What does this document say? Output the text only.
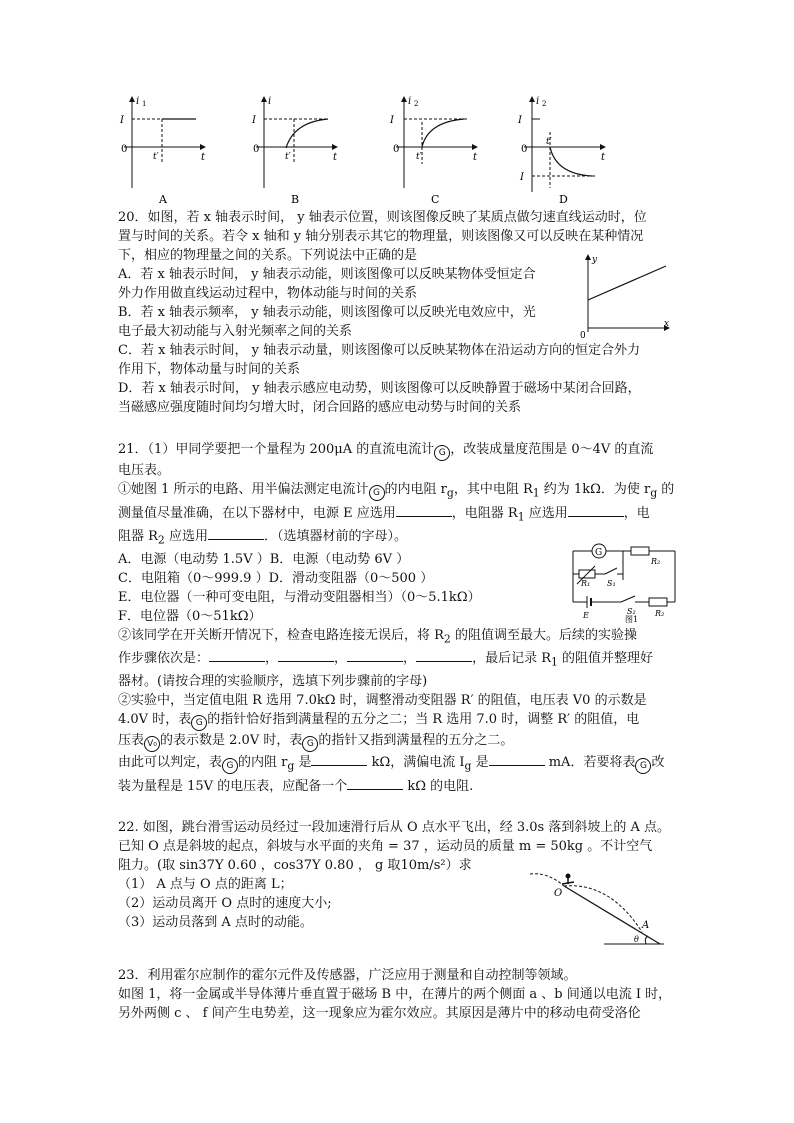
i 1
I
0
t′	t
A
i
I
0
t′	t
B
i 2
I
0
t′	t
C
i 2
I
0
t′
t
I
D
20．如图，若 x 轴表示时间， y 轴表示位置，则该图像反映了某质点做匀速直线运动时，位
置与时间的关系。若令 x 轴和 y 轴分别表示其它的物理量，则该图像又可以反映在某种情况
下，相应的物理量之间的关系。下列说法中正确的是
A．若 x 轴表示时间， y 轴表示动能，则该图像可以反映某物体受恒定合
外力作用做直线运动过程中，物体动能与时间的关系
B．若 x 轴表示频率， y 轴表示动能，则该图像可以反映光电效应中，光
电子最大初动能与入射光频率之间的关系
C．若 x 轴表示时间， y 轴表示动量，则该图像可以反映某物体在沿运动方向的恒定合外力
作用下，物体动量与时间的关系
D．若 x 轴表示时间， y 轴表示感应电动势，则该图像可以反映静置于磁场中某闭合回路，
当磁感应强度随时间均匀增大时，闭合回路的感应电动势与时间的关系
y
x
0
21．（1）甲同学要把一个量程为 200μA 的直流电流计 G ，改装成量度范围是 0～4V 的直流
电压表。
①她图 1 所示的电路、用半偏法测定电流计 G 的内电阻 $r_g$，其中电阻 $R_1$ 约为 1kΩ．为使 $r_g$ 的
测量值尽量准确，在以下器材中，电源 E 应选用	，电阻器 $R_1$ 应选用	，电
阻器 $R_2$ 应选用	．（选填器材前的字母）。
A．电源（电动势 1.5V ）B．电源（电动势 6V ）
C．电阻箱（0～999.9 ）D．滑动变阻器（0～500 ）
E．电位器（一种可变电阻，与滑动变阻器相当）（0～5.1kΩ）
F．电位器（0～51kΩ）
②该同学在开关断开情况下，检查电路连接无误后，将 $R_2$ 的阻值调至最大。后续的实验操
作步骤依次是：	，	，	，	，最后记录 $R_1$ 的阻值并整理好
器材。(请按合理的实验顺序，选填下列步骤前的字母)
②实验中，当定值电阻 R 选用 7.0kΩ 时，调整滑动变阻器 R′ 的阻值，电压表 V0 的示数是
4.0V 时，表 G 的指针恰好指到满量程的五分之二；当 R 选用 7.0 时，调整 R′ 的阻值，电
压表 V₀ 的表示数是 2.0V 时，表 G 的指针又指到满量程的五分之二。
由此可以判定，表 G 的内阻 $r_g$ 是	kΩ，满偏电流 $I_g$ 是	mA．若要将表 G 改
装为量程是 15V 的电压表，应配备一个	kΩ 的电阻.
G
R₁ S₁
R₂
E	S₂ R₂
图1
22. 如图，跳台滑雪运动员经过一段加速滑行后从 O 点水平飞出，经 3.0s 落到斜坡上的 A 点。
已知 O 点是斜坡的起点，斜坡与水平面的夹角 = 37 ，运动员的质量 m = 50kg 。不计空气
阻力。(取 sin37Υ 0.60 ，cos37Υ 0.80 ， g 取10m/s²）求
（1） A 点与 O 点的距离 L；
（2）运动员离开 O 点时的速度大小;
（3）运动员落到 A 点时的动能。
O
A
θ
23．利用霍尔应制作的霍尔元件及传感器，广泛应用于测量和自动控制等领域。
如图 1，将一金属或半导体薄片垂直置于磁场 B 中，在薄片的两个侧面 a 、b 间通以电流 I 时，
另外两侧 c 、 f 间产生电势差，这一现象应为霍尔效应。其原因是薄片中的移动电荷受洛伦
